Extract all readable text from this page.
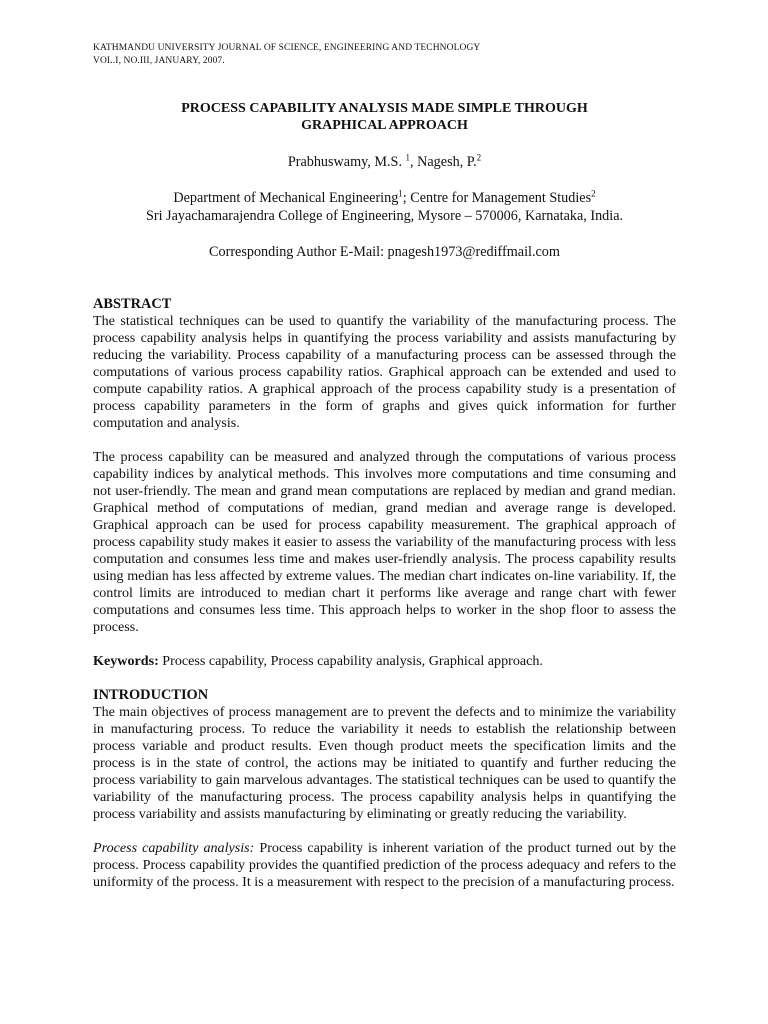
KATHMANDU UNIVERSITY JOURNAL OF SCIENCE, ENGINEERING AND TECHNOLOGY
VOL.I, NO.III, JANUARY, 2007.
PROCESS CAPABILITY ANALYSIS MADE SIMPLE THROUGH
GRAPHICAL APPROACH
Prabhuswamy, M.S. $^1$, Nagesh, P.$^2$
Department of Mechanical Engineering$^1$; Centre for Management Studies$^2$
Sri Jayachamarajendra College of Engineering, Mysore – 570006, Karnataka, India.
Corresponding Author E-Mail: pnagesh1973@rediffmail.com
ABSTRACT

The statistical techniques can be used to quantify the variability of the manufacturing process. The process capability analysis helps in quantifying the process variability and assists manufacturing by reducing the variability. Process capability of a manufacturing process can be assessed through the computations of various process capability ratios. Graphical approach can be extended and used to compute capability ratios. A graphical approach of the process capability study is a presentation of process capability parameters in the form of graphs and gives quick information for further computation and analysis.

The process capability can be measured and analyzed through the computations of various process capability indices by analytical methods. This involves more computations and time consuming and not user-friendly. The mean and grand mean computations are replaced by median and grand median. Graphical method of computations of median, grand median and average range is developed. Graphical approach can be used for process capability measurement. The graphical approach of process capability study makes it easier to assess the variability of the manufacturing process with less computation and consumes less time and makes user-friendly analysis. The process capability results using median has less affected by extreme values. The median chart indicates on-line variability. If, the control limits are introduced to median chart it performs like average and range chart with fewer computations and consumes less time. This approach helps to worker in the shop floor to assess the process.

Keywords: Process capability, Process capability analysis, Graphical approach.

INTRODUCTION

The main objectives of process management are to prevent the defects and to minimize the variability in manufacturing process. To reduce the variability it needs to establish the relationship between process variable and product results. Even though product meets the specification limits and the process is in the state of control, the actions may be initiated to quantify and further reducing the process variability to gain marvelous advantages. The statistical techniques can be used to quantify the variability of the manufacturing process. The process capability analysis helps in quantifying the process variability and assists manufacturing by eliminating or greatly reducing the variability.

Process capability analysis: Process capability is inherent variation of the product turned out by the process. Process capability provides the quantified prediction of the process adequacy and refers to the uniformity of the process. It is a measurement with respect to the precision of a manufacturing process.
